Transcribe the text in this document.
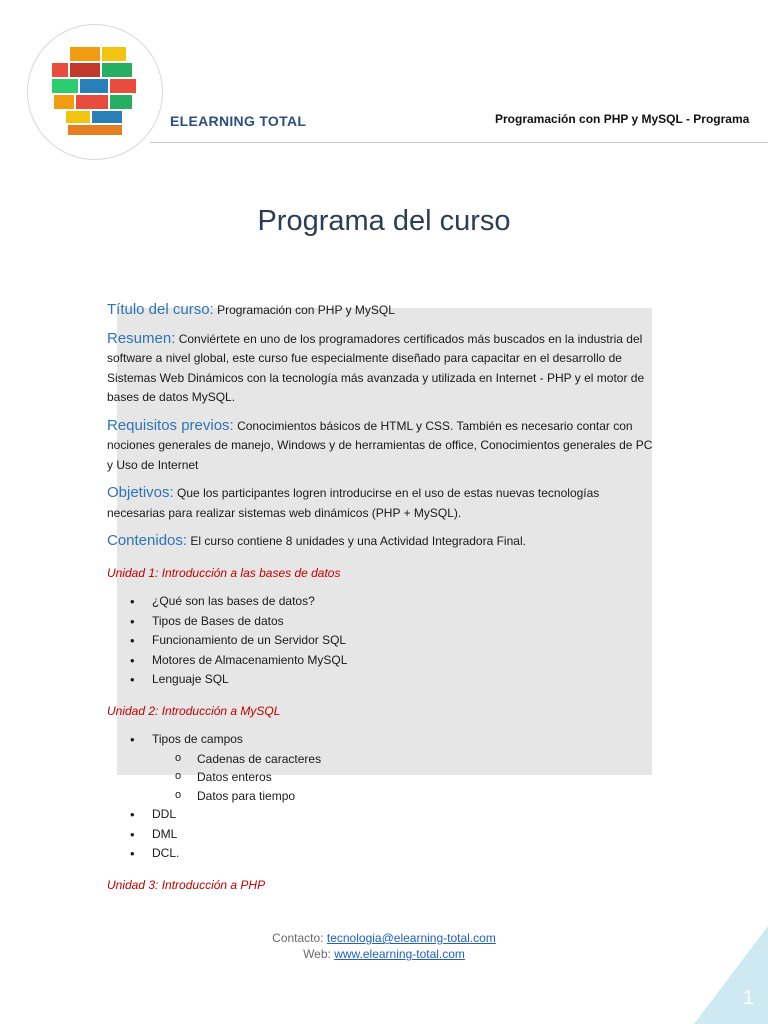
ELEARNING TOTAL	Programación con PHP y MySQL - Programa
Programa del curso
Título del curso: Programación con PHP y MySQL
Resumen: Conviértete en uno de los programadores certificados más buscados en la industria del software a nivel global, este curso fue especialmente diseñado para capacitar en el desarrollo de Sistemas Web Dinámicos con la tecnología más avanzada y utilizada en Internet - PHP y el motor de bases de datos MySQL.
Requisitos previos: Conocimientos básicos de HTML y CSS. También es necesario contar con nociones generales de manejo, Windows y de herramientas de office, Conocimientos generales de PC y Uso de Internet
Objetivos: Que los participantes logren introducirse en el uso de estas nuevas tecnologías necesarias para realizar sistemas web dinámicos (PHP + MySQL).
Contenidos: El curso contiene 8 unidades y una Actividad Integradora Final.
Unidad 1: Introducción a las bases de datos
• ¿Qué son las bases de datos?
• Tipos de Bases de datos
• Funcionamiento de un Servidor SQL
• Motores de Almacenamiento MySQL
• Lenguaje SQL
Unidad 2: Introducción a MySQL
• Tipos de campos
o Cadenas de caracteres
o Datos enteros
o Datos para tiempo
• DDL
• DML
• DCL.
Unidad 3: Introducción a PHP
Contacto: tecnologia@elearning-total.com
Web: www.elearning-total.com
1
